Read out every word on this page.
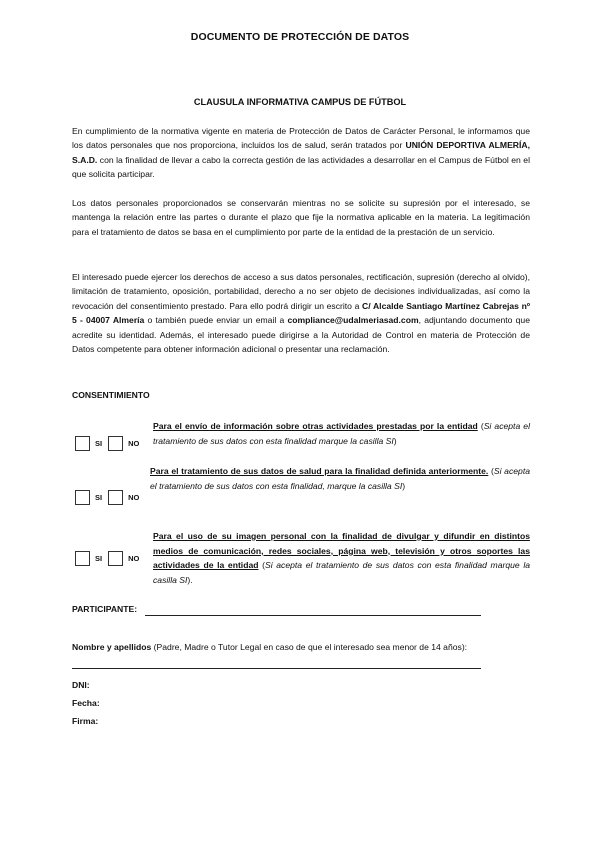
DOCUMENTO DE PROTECCIÓN DE DATOS
CLAUSULA INFORMATIVA CAMPUS DE FÚTBOL
En cumplimiento de la normativa vigente en materia de Protección de Datos de Carácter Personal, le informamos que los datos personales que nos proporciona, incluidos los de salud, serán tratados por UNIÓN DEPORTIVA ALMERÍA, S.A.D. con la finalidad de llevar a cabo la correcta gestión de las actividades a desarrollar en el Campus de Fútbol en el que solicita participar.
Los datos personales proporcionados se conservarán mientras no se solicite su supresión por el interesado, se mantenga la relación entre las partes o durante el plazo que fije la normativa aplicable en la materia. La legitimación para el tratamiento de datos se basa en el cumplimiento por parte de la entidad de la prestación de un servicio.
El interesado puede ejercer los derechos de acceso a sus datos personales, rectificación, supresión (derecho al olvido), limitación de tratamiento, oposición, portabilidad, derecho a no ser objeto de decisiones individualizadas, así como la revocación del consentimiento prestado. Para ello podrá dirigir un escrito a C/ Alcalde Santiago Martínez Cabrejas nº 5 - 04007 Almería o también puede enviar un email a compliance@udalmeriasad.com, adjuntando documento que acredite su identidad. Además, el interesado puede dirigirse a la Autoridad de Control en materia de Protección de Datos competente para obtener información adicional o presentar una reclamación.
CONSENTIMIENTO
SI	NO
Para el envío de información sobre otras actividades prestadas por la entidad (Si acepta el tratamiento de sus datos con esta finalidad marque la casilla SI)
SI	NO
Para el tratamiento de sus datos de salud para la finalidad definida anteriormente. (Si acepta el tratamiento de sus datos con esta finalidad, marque la casilla SI)
SI	NO
Para el uso de su imagen personal con la finalidad de divulgar y difundir en distintos medios de comunicación, redes sociales, página web, televisión y otros soportes las actividades de la entidad (Si acepta el tratamiento de sus datos con esta finalidad marque la casilla SI).
PARTICIPANTE:
Nombre y apellidos (Padre, Madre o Tutor Legal en caso de que el interesado sea menor de 14 años):
DNI:
Fecha:
Firma:
